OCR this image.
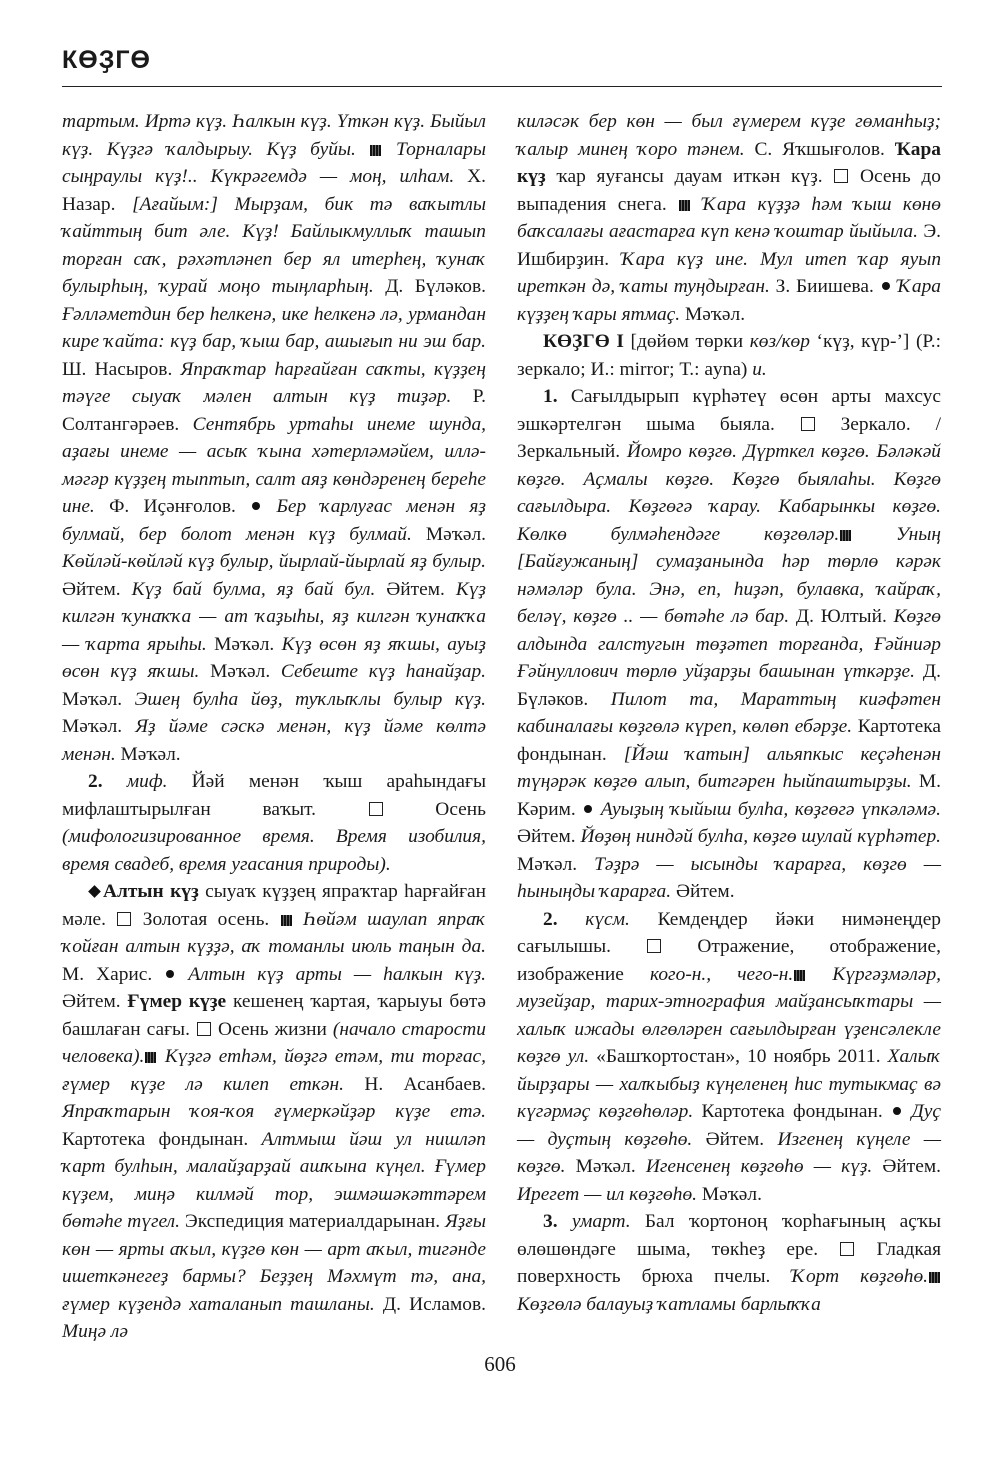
КӨҘГӨ

тартым. Иртә күҙ. Һалкын күҙ. Үткән күҙ. Быйыл күҙ. Күҙгә ҡалдырыу. Күҙ буйы.  Торналары сыңраулы күҙ!.. Күкрәгемдә — моң, илһам. Х. Назар. [Ағайым:] Мырҙам, бик тә ваҡытлы ҡайттың бит әле. Күҙ! Байлыкмуллыҡ ташып торған саҡ, рәхәтләнеп бер ял итерһең, ҡунаҡ булырһың, ҡурай моңо тыңларһың. Д. Бүләков. Ғәлләметдин бер һелкенә, ике һелкенә лә, урмандан кире ҡайта: күҙ бар, ҡыш бар, ашығып ни эш бар. Ш. Насыров. Япраҡтар һарғайған саҡты, күҙҙең тәүге сыуаҡ мәлен алтын күҙ тиҙәр. Р. Солтангәрәев. Сентябрь уртаһы инеме шунда, аҙағы инеме — асыҡ ҡына хәтерләмәйем, иллә-мәгәр күҙҙең тыптып, салт аяҙ көндәренең береһе ине. Ф. Иҫәнғолов.  Бер ҡарлуғас менән яҙ булмай, бер болот менән күҙ булмай. Мәҡәл. Көйләй-көйләй күҙ булыр, йырлай-йырлай яҙ булыр. Әйтем. Күҙ бай булма, яҙ бай бул. Әйтем. Күҙ килгән ҡунаҡҡа — ат ҡаҙыһы, яҙ килгән ҡунаҡҡа — ҡарта ярыһы. Мәҡәл. Күҙ өсөн яҙ яҡшы, ауыҙ өсөн күҙ яҡшы. Мәҡәл. Себеште күҙ һанайҙар. Мәҡәл. Эшең булһа йөҙ, туҡлыҡлы булыр күҙ. Мәҡәл. Яҙ йәме сәскә менән, күҙ йәме көлтә менән. Мәҡәл.

2. миф. Йәй менән ҡыш араһындағы мифлаштырылған ваҡыт.  Осень (мифологизированное время. Время изобилия, время свадеб, время угасания природы).

Алтын күҙ сыуаҡ күҙҙең япраҡтар һарғайған мәле.  Золотая осень.  Һөйәм шаулап япраҡ ҡойған алтын күҙҙә, аҡ томанлы июль таңын да. М. Харис.  Алтын күҙ арты — һалкын күҙ. Әйтем. Ғүмер күҙе кешенең ҡартая, ҡарыуы бөтә башлаған сағы.  Осень жизни (начало старости человека). Күҙгә етһәм, йөҙгә етәм, ти торғас, ғүмер күҙе лә килеп еткән. Н. Асанбаев. Япраҡтарын ҡоя-ҡоя ғүмеркәйҙәр күҙе етә. Картотека фондынан. Алтмыш йәш ул нишләп ҡарт булһын, малайҙарҙай ашҡына күңел. Ғүмер күҙем, миңә килмәй тор, эшмәшәкәттәрем бөтәһе түгел. Экспедиция материалдарынан. Яҙғы көн — ярты аҡыл, күҙгө көн — арт аҡыл, тигәнде ишеткәнегеҙ бармы? Беҙҙең Мәхмүт тә, ана, ғүмер күҙендә хаталанып ташланы. Д. Исламов. Миңә лә

киләсәк бер көн — был ғүмерем күҙе гөманһыҙ; ҡалыр минең ҡоро тәнем. С. Яҡшығолов. Ҡара күҙ ҡар яуғансы дауам иткән күҙ.  Осень до выпадения снега.  Ҡара күҙҙә һәм ҡыш көнө баҡсалағы ағастарға күп кенә ҡоштар йыйыла. Э. Ишбирҙин. Ҡара күҙ ине. Мул итеп ҡар яуып иреткән дә, ҡаты туңдырған. З. Биишева.  Ҡара күҙҙең ҡары ятмаҫ. Мәҡәл.

КӨҘГӨ I [дөйөм төрки көз/көр ‘күҙ, күр-’] (Р.: зеркало; И.: mirror; Т.: ayna) и.

1. Сағылдырып күрһәтеү өсөн арты махсус эшкәртелгән шыма быяла.  Зеркало. / Зеркальный. Йомро көҙгө. Дүрткел көҙгө. Бәләкәй көҙгө. Аҫмалы көҙгө. Көҙгө быялаһы. Көҙгө сағылдыра. Көҙгөгә ҡарау. Кабарынкы көҙгө. Көлкө булмәһендәге көҙгөләр. Уның [Байғужаның] сумаҙанында һәр төрлө кәрәк нәмәләр була. Энә, еп, һиҙәп, булавка, ҡайраҡ, беләү, көҙгө .. — бөтәһе лә бар. Д. Юлтый. Көҙгө алдында галстугын төҙәтеп торғанда, Ғәйниәр Ғәйнуллович төрлө уйҙарҙы башынан үткәрҙе. Д. Бүләков. Пилот та, Мараттың киәфәтен кабиналағы көҙгөлә күреп, көлөп ебәрҙе. Картотека фондынан. [Йәш ҡатын] альяпкыс кеҫәһенән түңәрәк көҙгө алып, битгәрен һыйпаштырҙы. М. Кәрим.  Ауыҙың ҡыйыш булһа, көҙгөгә үпкәләмә. Әйтем. Йөҙөң ниндәй булһа, көҙгө шулай күрһәтер. Мәҡәл. Тәҙрә — ысынды ҡарарға, көҙгө — һыныңды ҡарарға. Әйтем.

2. күсм. Кемдеңдер йәки нимәнеңдер сағылышы.  Отражение, отображение, изображение кого-н., чего-н. Күргәҙмәләр, музейҙар, тарих-этнография майҙансыҡтары — халыҡ ижады өлгөләрен сағылдырған үҙенсәлекле көҙгө ул. «Башҡортостан», 10 ноябрь 2011. Халыҡ йырҙары — халҡыбыҙ күңеленең һис тутыкмаҫ вә күгәрмәҫ көҙгөһөләр. Картотека фондынан.  Дуҫ — дуҫтың көҙгөһө. Әйтем. Изгенең күңеле — көҙгө. Мәҡәл. Игенсенең көҙгөһө — күҙ. Әйтем. Ирегет — ил көҙгөһө. Мәҡәл.

3. умарт. Бал ҡортоноң ҡорһағының аҫҡы өлөшөндәге шыма, төкһеҙ ере.  Гладкая поверхность брюха пчелы. Ҡорт көҙгөһө. Көҙгөлә балауыҙ ҡатламы барлыҡҡа

606
